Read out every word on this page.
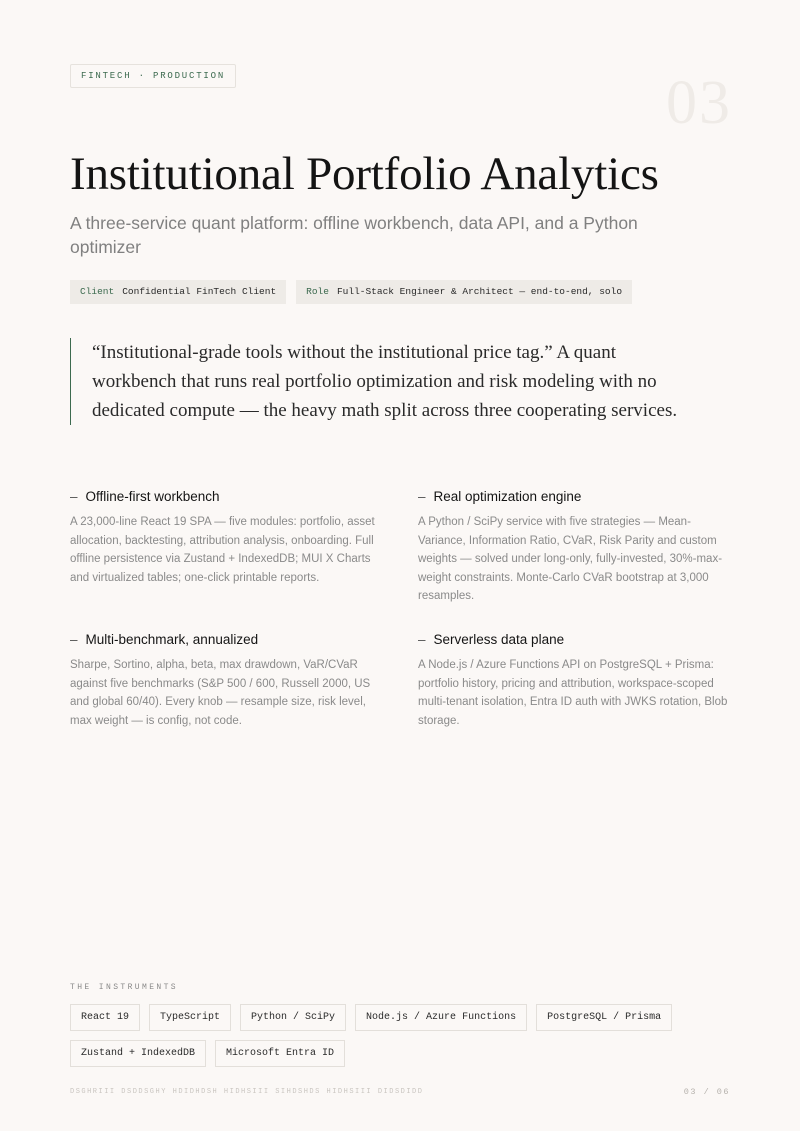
FINTECH · PRODUCTION	03
Institutional Portfolio Analytics
A three-service quant platform: offline workbench, data API, and a Python optimizer
Client Confidential FinTech Client	Role Full-Stack Engineer & Architect — end-to-end, solo
“Institutional-grade tools without the institutional price tag.” A quant workbench that runs real portfolio optimization and risk modeling with no dedicated compute — the heavy math split across three cooperating services.
– Offline-first workbench

A 23,000-line React 19 SPA — five modules: portfolio, asset allocation, backtesting, attribution analysis, onboarding. Full offline persistence via Zustand + IndexedDB; MUI X Charts and virtualized tables; one-click printable reports.

– Real optimization engine

A Python / SciPy service with five strategies — Mean-Variance, Information Ratio, CVaR, Risk Parity and custom weights — solved under long-only, fully-invested, 30%-max-weight constraints. Monte-Carlo CVaR bootstrap at 3,000 resamples.

– Multi-benchmark, annualized

Sharpe, Sortino, alpha, beta, max drawdown, VaR/CVaR against five benchmarks (S&P 500 / 600, Russell 2000, US and global 60/40). Every knob — resample size, risk level, max weight — is config, not code.

– Serverless data plane

A Node.js / Azure Functions API on PostgreSQL + Prisma: portfolio history, pricing and attribution, workspace-scoped multi-tenant isolation, Entra ID auth with JWKS rotation, Blob storage.

THE INSTRUMENTS
React 19	TypeScript	Python / SciPy	Node.js / Azure Functions	PostgreSQL / Prisma
Zustand + IndexedDB	Microsoft Entra ID
DSGHRIII DSDDSGHY HDIDHDSH HIDHSIII SIHDSHDS HIDHSIII DIDSDIDD	03 / 06
